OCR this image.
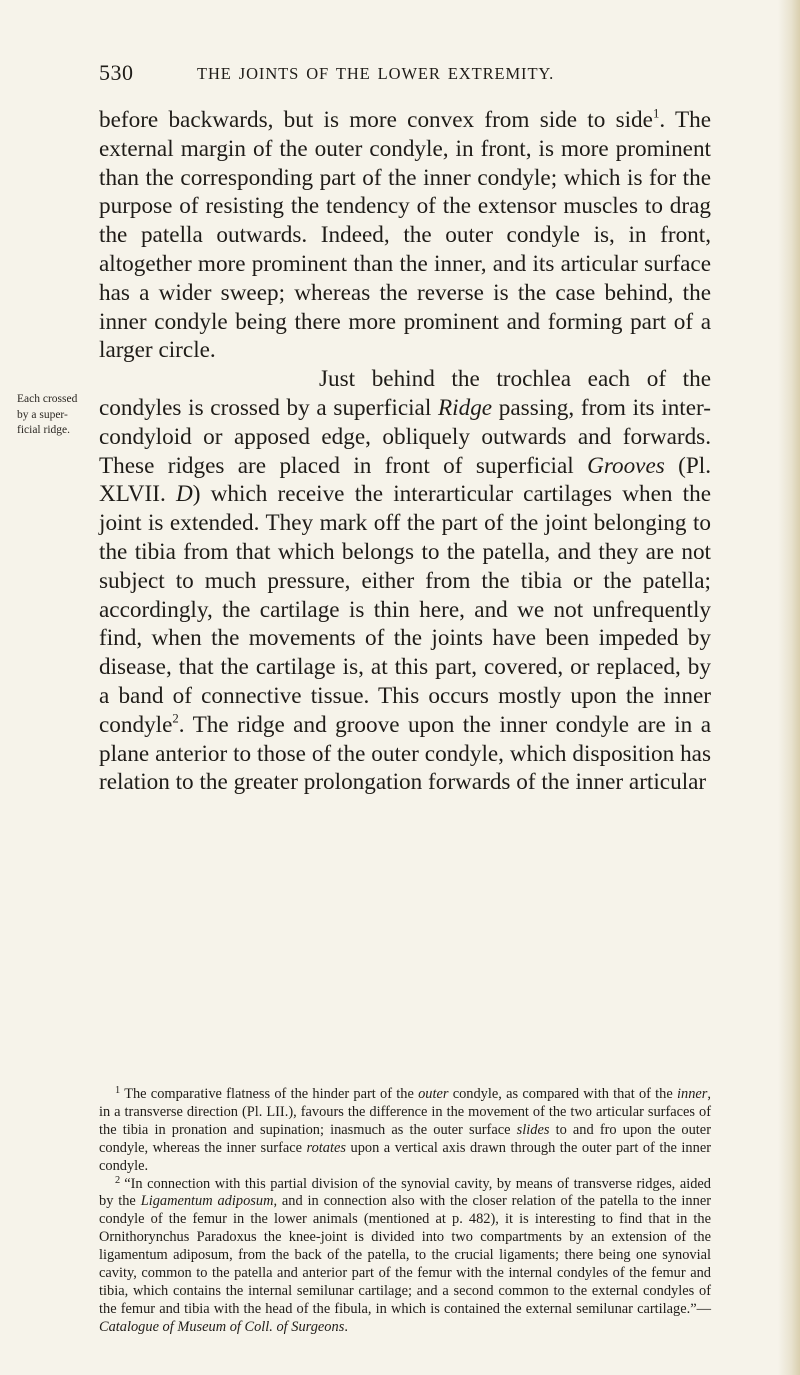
530	THE JOINTS OF THE LOWER EXTREMITY.
Each crossed
by a super-
ficial ridge.

before backwards, but is more convex from side to side$^1$. The external margin of the outer condyle, in front, is more prominent than the corresponding part of the inner condyle; which is for the purpose of resisting the tendency of the extensor muscles to drag the patella outwards. Indeed, the outer condyle is, in front, altogether more prominent than the inner, and its articular surface has a wider sweep; whereas the reverse is the case behind, the inner condyle being there more prominent and forming part of a larger circle.

Just behind the trochlea each of the condyles is crossed by a superficial Ridge passing, from its inter-condyloid or apposed edge, obliquely outwards and forwards. These ridges are placed in front of superficial Grooves (Pl. XLVII. D) which receive the interarticular cartilages when the joint is extended. They mark off the part of the joint belonging to the tibia from that which belongs to the patella, and they are not subject to much pressure, either from the tibia or the patella; accordingly, the cartilage is thin here, and we not unfrequently find, when the movements of the joints have been impeded by disease, that the cartilage is, at this part, covered, or replaced, by a band of connective tissue. This occurs mostly upon the inner condyle$^2$. The ridge and groove upon the inner condyle are in a plane anterior to those of the outer condyle, which disposition has relation to the greater prolongation forwards of the inner articular

$^1$ The comparative flatness of the hinder part of the outer condyle, as compared with that of the inner, in a transverse direction (Pl. LII.), favours the difference in the movement of the two articular surfaces of the tibia in pronation and supination; inasmuch as the outer surface slides to and fro upon the outer condyle, whereas the inner surface rotates upon a vertical axis drawn through the outer part of the inner condyle.

$^2$ “In connection with this partial division of the synovial cavity, by means of transverse ridges, aided by the Ligamentum adiposum, and in connection also with the closer relation of the patella to the inner condyle of the femur in the lower animals (mentioned at p. 482), it is interesting to find that in the Ornithorynchus Paradoxus the knee-joint is divided into two compartments by an extension of the ligamentum adiposum, from the back of the patella, to the crucial ligaments; there being one synovial cavity, common to the patella and anterior part of the femur with the internal condyles of the femur and tibia, which contains the internal semilunar cartilage; and a second common to the external condyles of the femur and tibia with the head of the fibula, in which is contained the external semilunar cartilage.”—Catalogue of Museum of Coll. of Surgeons.
